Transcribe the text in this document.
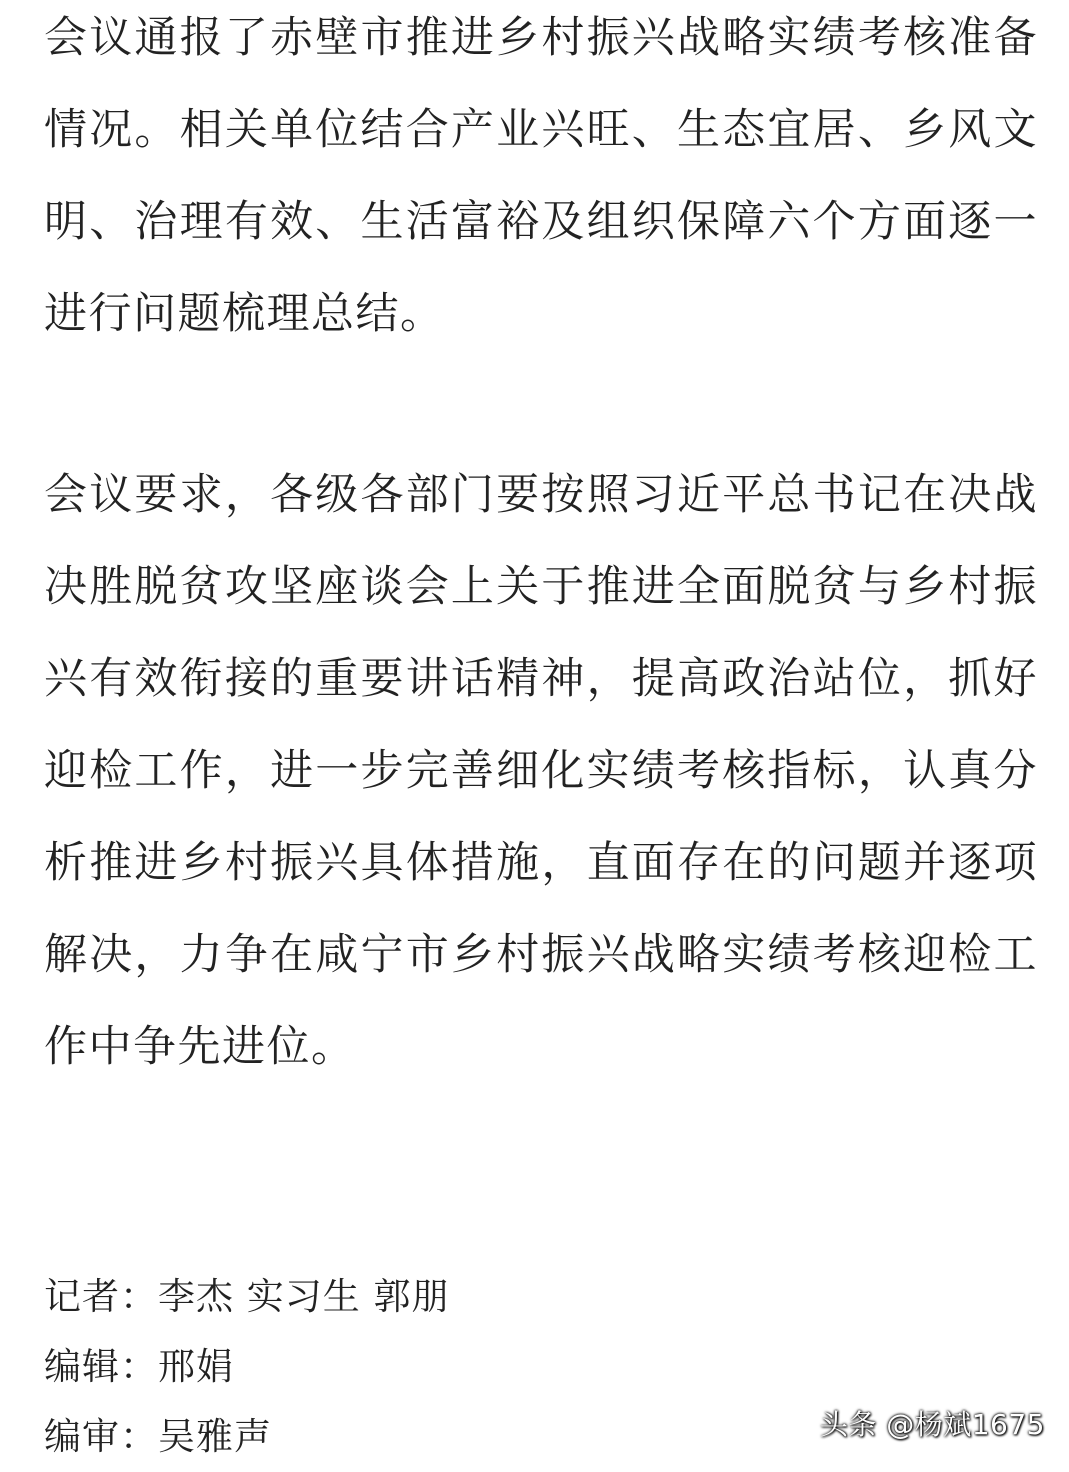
会议通报了赤壁市推进乡村振兴战略实绩考核准备情况。相关单位结合产业兴旺、生态宜居、乡风文明、治理有效、生活富裕及组织保障六个方面逐一进行问题梳理总结。

会议要求，各级各部门要按照习近平总书记在决战决胜脱贫攻坚座谈会上关于推进全面脱贫与乡村振兴有效衔接的重要讲话精神，提高政治站位，抓好迎检工作，进一步完善细化实绩考核指标，认真分析推进乡村振兴具体措施，直面存在的问题并逐项解决，力争在咸宁市乡村振兴战略实绩考核迎检工作中争先进位。

记者：李杰 实习生 郭朋
编辑：邢娟
编审：吴雅声	头条 @杨斌1675
